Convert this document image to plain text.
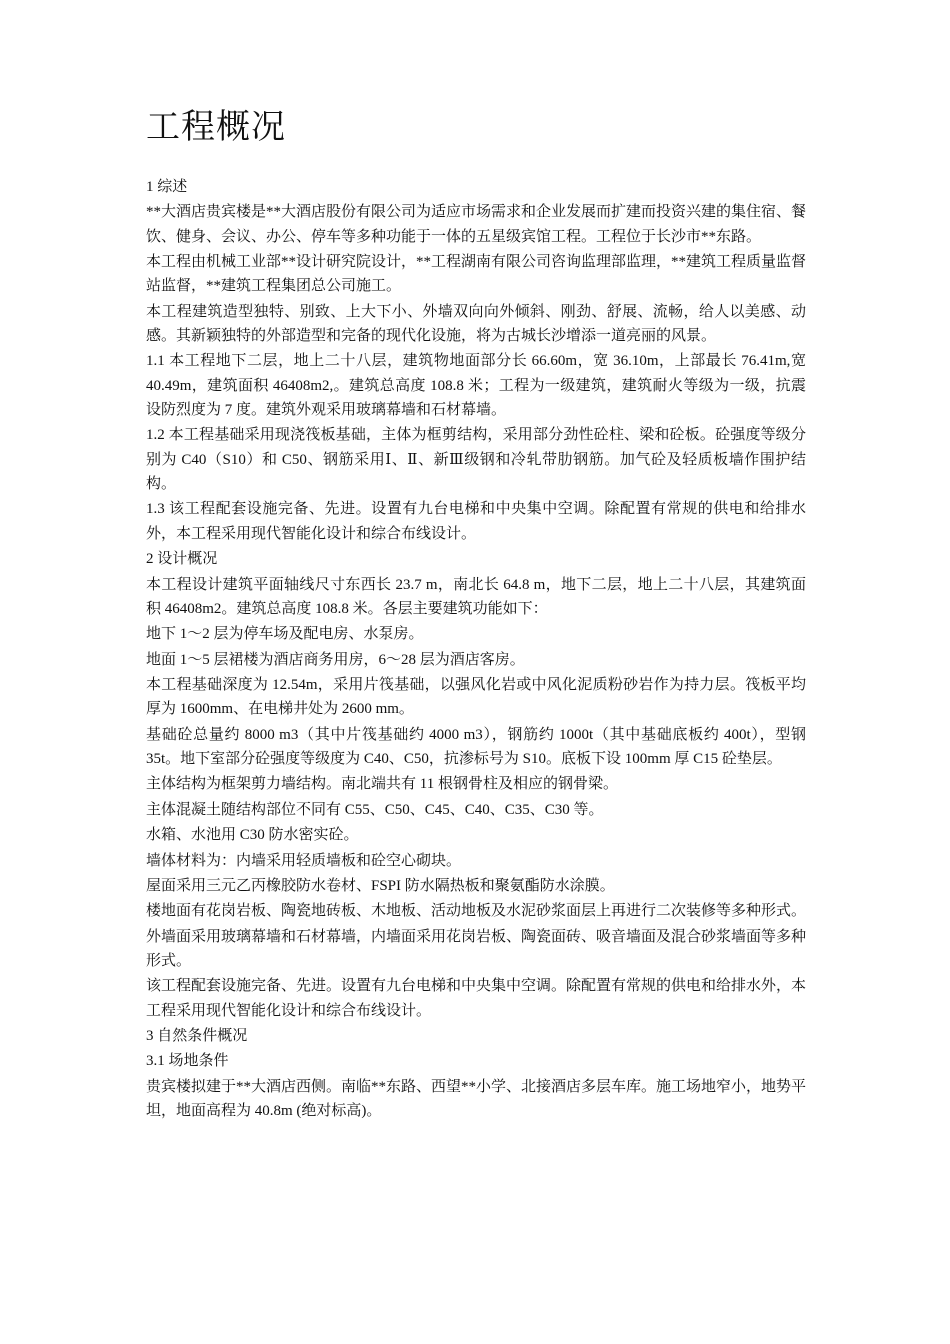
工程概况

1 综述

**大酒店贵宾楼是**大酒店股份有限公司为适应市场需求和企业发展而扩建而投资兴建的集住宿、餐饮、健身、会议、办公、停车等多种功能于一体的五星级宾馆工程。工程位于长沙市**东路。

本工程由机械工业部**设计研究院设计，**工程湖南有限公司咨询监理部监理，**建筑工程质量监督站监督，**建筑工程集团总公司施工。

本工程建筑造型独特、别致、上大下小、外墙双向向外倾斜、刚劲、舒展、流畅，给人以美感、动感。其新颖独特的外部造型和完备的现代化设施，将为古城长沙增添一道亮丽的风景。

1.1 本工程地下二层，地上二十八层，建筑物地面部分长 66.60m，宽 36.10m，上部最长 76.41m,宽 40.49m，建筑面积 46408m2,。建筑总高度 108.8 米；工程为一级建筑，建筑耐火等级为一级，抗震设防烈度为 7 度。建筑外观采用玻璃幕墙和石材幕墙。

1.2 本工程基础采用现浇筏板基础，主体为框剪结构，采用部分劲性砼柱、梁和砼板。砼强度等级分别为 C40（S10）和 C50、钢筋采用Ⅰ、Ⅱ、新Ⅲ级钢和冷轧带肋钢筋。加气砼及轻质板墙作围护结构。

1.3 该工程配套设施完备、先进。设置有九台电梯和中央集中空调。除配置有常规的供电和给排水外，本工程采用现代智能化设计和综合布线设计。

2 设计概况

本工程设计建筑平面轴线尺寸东西长 23.7 m，南北长 64.8 m，地下二层，地上二十八层，其建筑面积 46408m2。建筑总高度 108.8 米。各层主要建筑功能如下：

地下 1～2 层为停车场及配电房、水泵房。

地面 1～5 层裙楼为酒店商务用房，6～28 层为酒店客房。

本工程基础深度为 12.54m，采用片筏基础，以强风化岩或中风化泥质粉砂岩作为持力层。筏板平均厚为 1600mm、在电梯井处为 2600 mm。

基础砼总量约 8000 m3（其中片筏基础约 4000 m3），钢筋约 1000t（其中基础底板约 400t），型钢 35t。地下室部分砼强度等级度为 C40、C50，抗渗标号为 S10。底板下设 100mm 厚 C15 砼垫层。

主体结构为框架剪力墙结构。南北端共有 11 根钢骨柱及相应的钢骨梁。

主体混凝土随结构部位不同有 C55、C50、C45、C40、C35、C30 等。

水箱、水池用 C30 防水密实砼。

墙体材料为：内墙采用轻质墙板和砼空心砌块。

屋面采用三元乙丙橡胶防水卷材、FSPI 防水隔热板和聚氨酯防水涂膜。

楼地面有花岗岩板、陶瓷地砖板、木地板、活动地板及水泥砂浆面层上再进行二次装修等多种形式。

外墙面采用玻璃幕墙和石材幕墙，内墙面采用花岗岩板、陶瓷面砖、吸音墙面及混合砂浆墙面等多种形式。

该工程配套设施完备、先进。设置有九台电梯和中央集中空调。除配置有常规的供电和给排水外，本工程采用现代智能化设计和综合布线设计。

3 自然条件概况

3.1 场地条件

贵宾楼拟建于**大酒店西侧。南临**东路、西望**小学、北接酒店多层车库。施工场地窄小，地势平坦，地面高程为 40.8m (绝对标高)。
